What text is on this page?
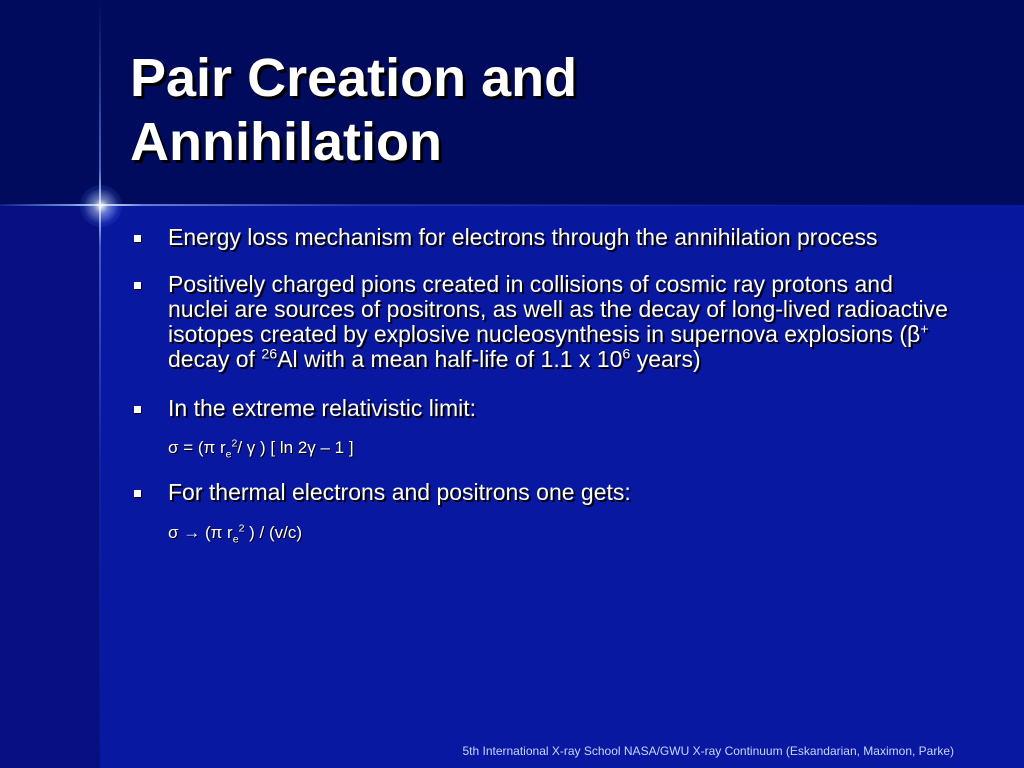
Pair Creation and Annihilation
Energy loss mechanism for electrons through the annihilation process
Positively charged pions created in collisions of cosmic ray protons and nuclei are sources of positrons, as well as the decay of long-lived radioactive isotopes created by explosive nucleosynthesis in supernova explosions (β+ decay of $^{26}$Al with a mean half-life of 1.1 x $10^6$ years)
In the extreme relativistic limit:
σ = (π $r_e^2/$ γ ) [ ln 2γ – 1 ]
For thermal electrons and positrons one gets:
σ → (π $r_e^2$ ) / (v/c)
5th International X-ray School NASA/GWU X-ray Continuum (Eskandarian, Maximon, Parke)
